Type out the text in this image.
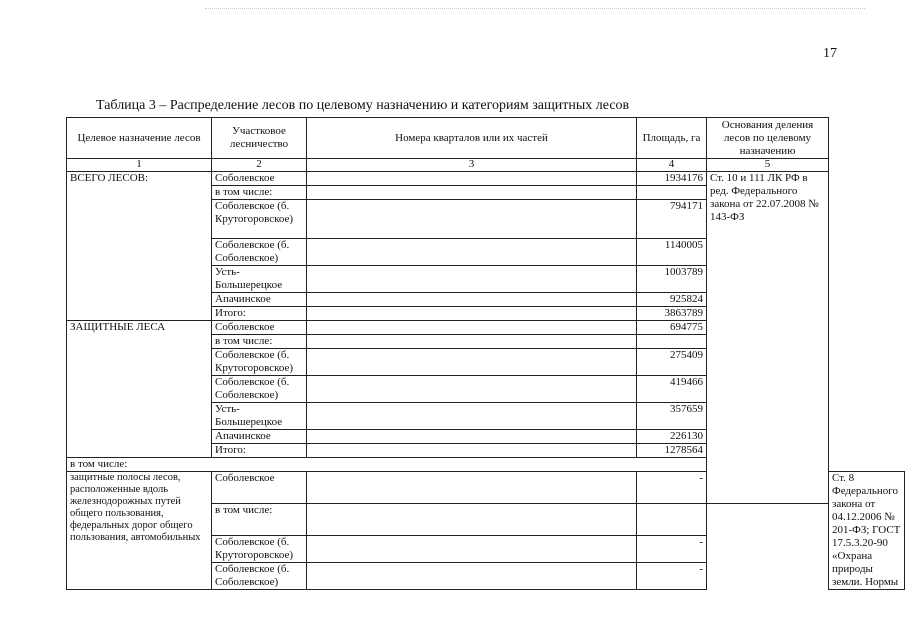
17
Таблица 3 – Распределение лесов по целевому назначению и категориям защитных лесов
Целевое назначение лесов	Участковое лесничество	Номера кварталов или их частей	Площадь, га	Основания деления лесов по целевому назначению	
1	2	3	4	5	
ВСЕГО ЛЕСОВ:	Соболевское		1934176	Ст. 10 и 111 ЛК РФ в ред. Федерального закона от 22.07.2008 № 143-ФЗ	
	в том числе:				
	Соболевское (б. Крутогоровское)		794171		
	Соболевское (б. Соболевское)		1140005		
	Усть-Большерецкое		1003789		
	Апачинское		925824		
	Итого:		3863789		
ЗАЩИТНЫЕ ЛЕСА	Соболевское		694775		
	в том числе:				
	Соболевское (б. Крутогоровское)		275409		
	Соболевское (б. Соболевское)		419466		
	Усть-Большерецкое		357659		
	Апачинское		226130		
	Итого:		1278564		
в том числе:					
защитные полосы лесов, расположенные вдоль железнодорожных путей общего пользования, федеральных дорог общего пользования, автомобильных	Соболевское		-		Ст. 8 Федерального закона от 04.12.2006 № 201-ФЗ; ГОСТ 17.5.3.20-90 «Охрана природы земли. Нормы
	в том числе:				
	Соболевское (б. Крутогоровское)		-		
	Соболевское (б. Соболевское)		-		
